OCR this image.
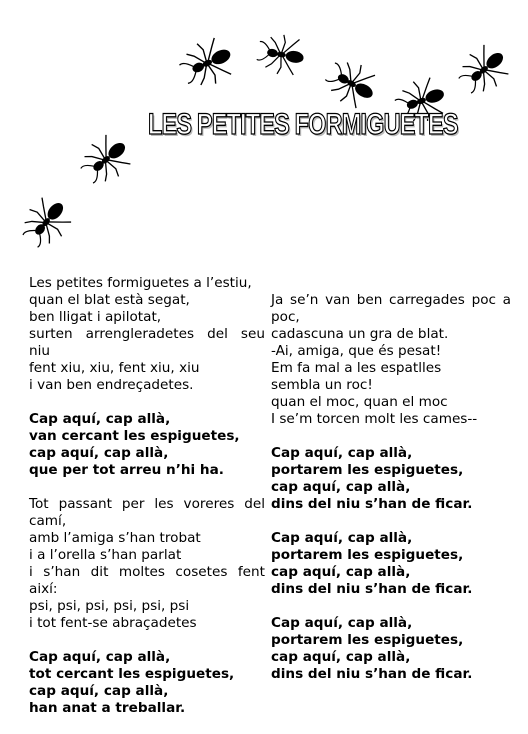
LES PETITES FORMIGUETES
Les petites formiguetes a l’estiu,
quan el blat està segat,
ben lligat i apilotat,
surten arrengleradetes del seu
niu
fent xiu, xiu, fent xiu, xiu
i van ben endreçadetes.
Cap aquí, cap allà,
van cercant les espiguetes,
cap aquí, cap allà,
que per tot arreu n’hi ha.
Tot passant per les voreres del
camí,
amb l’amiga s’han trobat
i a l’orella s’han parlat
i s’han dit moltes cosetes fent
així:
psi, psi, psi, psi, psi, psi
i tot fent-se abraçadetes
Cap aquí, cap allà,
tot cercant les espiguetes,
cap aquí, cap allà,
han anat a treballar.
Ja se’n van ben carregades poc a
poc,
cadascuna un gra de blat.
-Ai, amiga, que és pesat!
Em fa mal a les espatlles
sembla un roc!
quan el moc, quan el moc
I se’m torcen molt les cames--
Cap aquí, cap allà,
portarem les espiguetes,
cap aquí, cap allà,
dins del niu s’han de ficar.
Cap aquí, cap allà,
portarem les espiguetes,
cap aquí, cap allà,
dins del niu s’han de ficar.
Cap aquí, cap allà,
portarem les espiguetes,
cap aquí, cap allà,
dins del niu s’han de ficar.
